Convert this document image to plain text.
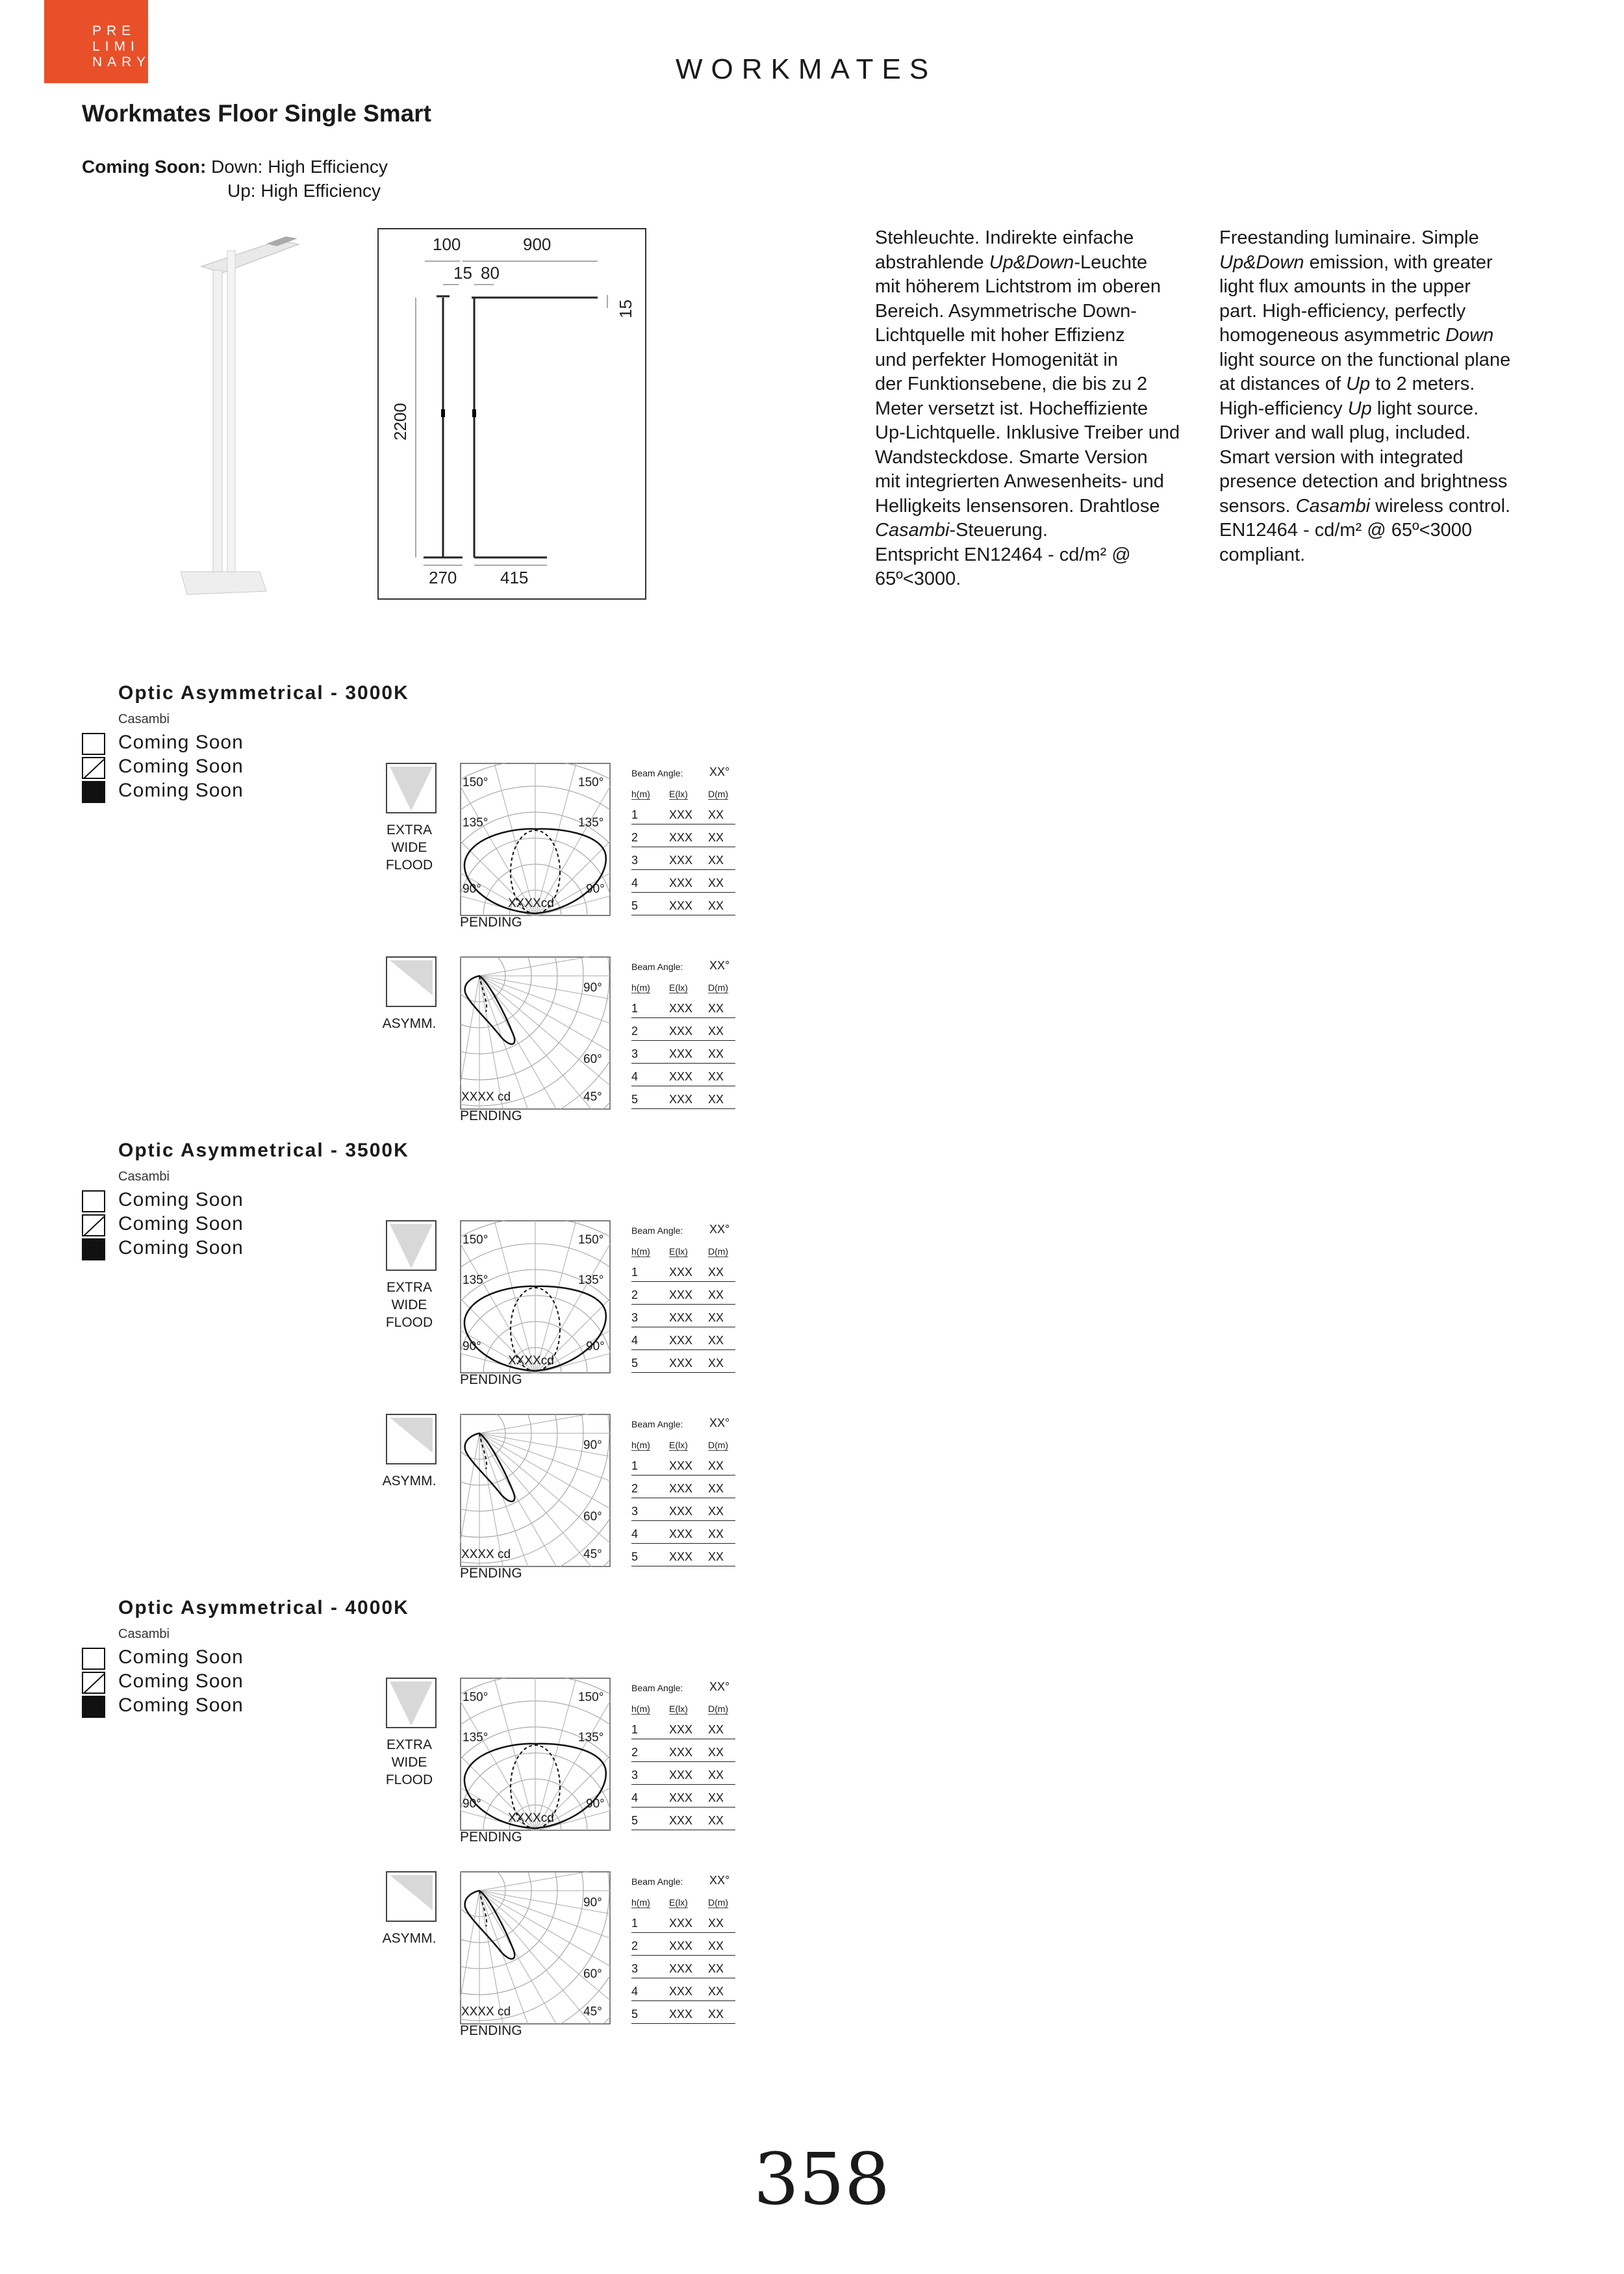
PRE
LIMI
NARY	WORKMATES
Workmates Floor Single Smart
Coming Soon: Down: High Efficiency
Up: High Efficiency
100	900
15 80
15
2200
270	415
Stehleuchte. Indirekte einfache
abstrahlende Up&Down-Leuchte
mit höherem Lichtstrom im oberen
Bereich. Asymmetrische Down-
Lichtquelle mit hoher Effizienz
und perfekter Homogenität in
der Funktionsebene, die bis zu 2
Meter versetzt ist. Hocheffiziente
Up-Lichtquelle. Inklusive Treiber und
Wandsteckdose. Smarte Version
mit integrierten Anwesenheits- und
Helligkeits lensensoren. Drahtlose
Casambi-Steuerung.
Entspricht EN12464 - cd/m² @
65º<3000.
Freestanding luminaire. Simple
Up&Down emission, with greater
light flux amounts in the upper
part. High-efficiency, perfectly
homogeneous asymmetric Down
light source on the functional plane
at distances of Up to 2 meters.
High-efficiency Up light source.
Driver and wall plug, included.
Smart version with integrated
presence detection and brightness
sensors. Casambi wireless control.
EN12464 - cd/m² @ 65º<3000
compliant.
Optic Asymmetrical - 3000K
Casambi
Coming Soon
Coming Soon
Coming Soon
EXTRA
WIDE
FLOOD
150°	150°
135°	135°
90°	90°
XXXXcd
PENDING
Beam Angle: XX°
h(m) E(lx) D(m)
1	XXX XX
2	XXX XX
3	XXX XX
4	XXX XX
5	XXX XX
ASYMM.
90°
60°
45°
XXXX cd
PENDING
Beam Angle: XX°
h(m) E(lx) D(m)
1	XXX XX
2	XXX XX
3	XXX XX
4	XXX XX
5	XXX XX
Optic Asymmetrical - 3500K
Casambi
Coming Soon
Coming Soon
Coming Soon
EXTRA
WIDE
FLOOD
150°	150°
135°	135°
90°	90°
XXXXcd
PENDING
Beam Angle: XX°
h(m) E(lx) D(m)
1	XXX XX
2	XXX XX
3	XXX XX
4	XXX XX
5	XXX XX
ASYMM.
90°
60°
45°
XXXX cd
PENDING
Beam Angle: XX°
h(m) E(lx) D(m)
1	XXX XX
2	XXX XX
3	XXX XX
4	XXX XX
5	XXX XX
Optic Asymmetrical - 4000K
Casambi
Coming Soon
Coming Soon
Coming Soon
EXTRA
WIDE
FLOOD
150°	150°
135°	135°
90°	90°
XXXXcd
PENDING
Beam Angle: XX°
h(m) E(lx) D(m)
1	XXX XX
2	XXX XX
3	XXX XX
4	XXX XX
5	XXX XX
ASYMM.
90°
60°
45°
XXXX cd
PENDING
Beam Angle: XX°
h(m) E(lx) D(m)
1	XXX XX
2	XXX XX
3	XXX XX
4	XXX XX
5	XXX XX
358
